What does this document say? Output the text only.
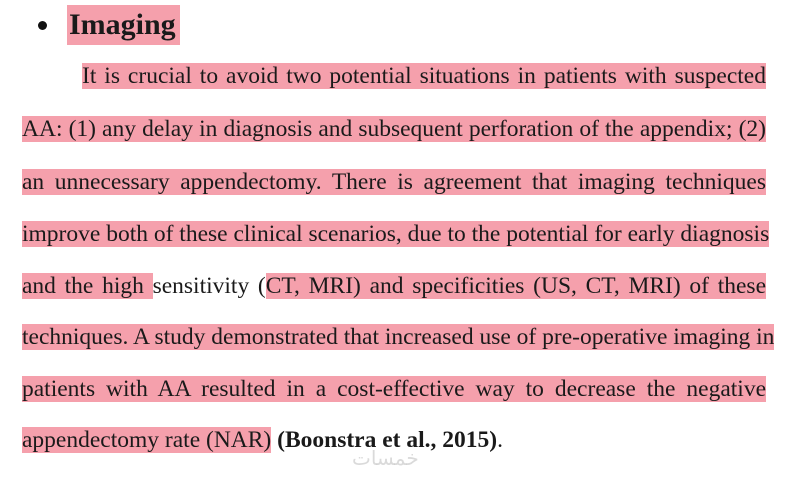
Imaging
It is crucial to avoid two potential situations in patients with suspected
AA: (1) any delay in diagnosis and subsequent perforation of the appendix; (2)
an unnecessary appendectomy. There is agreement that imaging techniques
improve both of these clinical scenarios, due to the potential for early diagnosis
and the high sensitivity (CT, MRI) and specificities (US, CT, MRI) of these
techniques. A study demonstrated that increased use of pre-operative imaging in
patients with AA resulted in a cost-effective way to decrease the negative
appendectomy rate (NAR) (Boonstra et al., 2015).
خمسات
